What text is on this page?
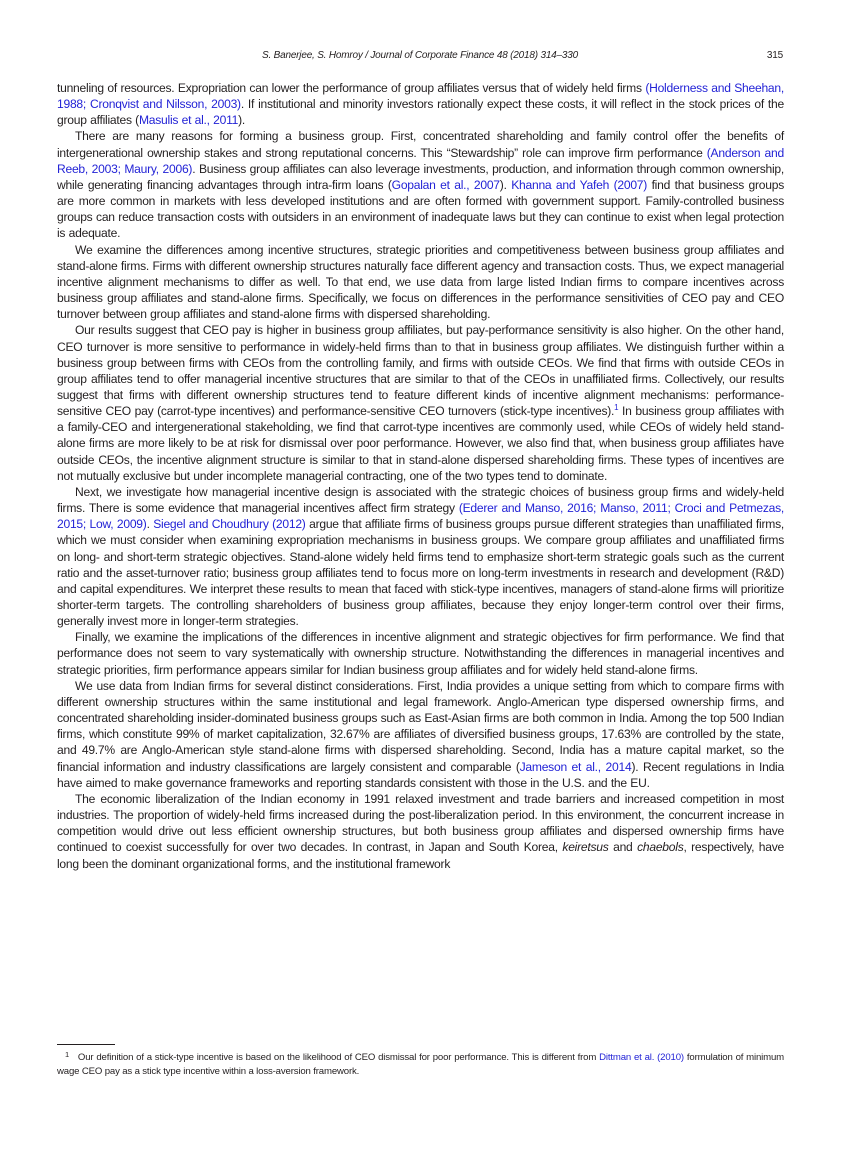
S. Banerjee, S. Homroy / Journal of Corporate Finance 48 (2018) 314–330	315

tunneling of resources. Expropriation can lower the performance of group affiliates versus that of widely held firms (Holderness and Sheehan, 1988; Cronqvist and Nilsson, 2003). If institutional and minority investors rationally expect these costs, it will reflect in the stock prices of the group affiliates (Masulis et al., 2011).

There are many reasons for forming a business group. First, concentrated shareholding and family control offer the benefits of intergenerational ownership stakes and strong reputational concerns. This “Stewardship” role can improve firm performance (Anderson and Reeb, 2003; Maury, 2006). Business group affiliates can also leverage investments, production, and information through common ownership, while generating financing advantages through intra-firm loans (Gopalan et al., 2007). Khanna and Yafeh (2007) find that business groups are more common in markets with less developed institutions and are often formed with government support. Family-controlled business groups can reduce transaction costs with outsiders in an environment of inadequate laws but they can continue to exist when legal protection is adequate.

We examine the differences among incentive structures, strategic priorities and competitiveness between business group affiliates and stand-alone firms. Firms with different ownership structures naturally face different agency and transaction costs. Thus, we expect managerial incentive alignment mechanisms to differ as well. To that end, we use data from large listed Indian firms to compare incentives across business group affiliates and stand-alone firms. Specifically, we focus on differences in the performance sensitivities of CEO pay and CEO turnover between group affiliates and stand-alone firms with dispersed shareholding.

Our results suggest that CEO pay is higher in business group affiliates, but pay-performance sensitivity is also higher. On the other hand, CEO turnover is more sensitive to performance in widely-held firms than to that in business group affiliates. We distinguish further within a business group between firms with CEOs from the controlling family, and firms with outside CEOs. We find that firms with outside CEOs in group affiliates tend to offer managerial incentive structures that are similar to that of the CEOs in unaffiliated firms. Collectively, our results suggest that firms with different ownership structures tend to feature different kinds of incentive alignment mechanisms: performance-sensitive CEO pay (carrot-type incentives) and performance-sensitive CEO turnovers (stick-type incentives).$^1$ In business group affiliates with a family-CEO and intergenerational stakeholding, we find that carrot-type incentives are commonly used, while CEOs of widely held stand-alone firms are more likely to be at risk for dismissal over poor performance. However, we also find that, when business group affiliates have outside CEOs, the incentive alignment structure is similar to that in stand-alone dispersed shareholding firms. These types of incentives are not mutually exclusive but under incomplete managerial contracting, one of the two types tend to dominate.

Next, we investigate how managerial incentive design is associated with the strategic choices of business group firms and widely-held firms. There is some evidence that managerial incentives affect firm strategy (Ederer and Manso, 2016; Manso, 2011; Croci and Petmezas, 2015; Low, 2009). Siegel and Choudhury (2012) argue that affiliate firms of business groups pursue different strategies than unaffiliated firms, which we must consider when examining expropriation mechanisms in business groups. We compare group affiliates and unaffiliated firms on long- and short-term strategic objectives. Stand-alone widely held firms tend to emphasize short-term strategic goals such as the current ratio and the asset-turnover ratio; business group affiliates tend to focus more on long-term investments in research and development (R&D) and capital expenditures. We interpret these results to mean that faced with stick-type incentives, managers of stand-alone firms will prioritize shorter-term targets. The controlling shareholders of business group affiliates, because they enjoy longer-term control over their firms, generally invest more in longer-term strategies.

Finally, we examine the implications of the differences in incentive alignment and strategic objectives for firm performance. We find that performance does not seem to vary systematically with ownership structure. Notwithstanding the differences in managerial incentives and strategic priorities, firm performance appears similar for Indian business group affiliates and for widely held stand-alone firms.

We use data from Indian firms for several distinct considerations. First, India provides a unique setting from which to compare firms with different ownership structures within the same institutional and legal framework. Anglo-American type dispersed ownership firms, and concentrated shareholding insider-dominated business groups such as East-Asian firms are both common in India. Among the top 500 Indian firms, which constitute 99% of market capitalization, 32.67% are affiliates of diversified business groups, 17.63% are controlled by the state, and 49.7% are Anglo-American style stand-alone firms with dispersed shareholding. Second, India has a mature capital market, so the financial information and industry classifications are largely consistent and comparable (Jameson et al., 2014). Recent regulations in India have aimed to make governance frameworks and reporting standards consistent with those in the U.S. and the EU.

The economic liberalization of the Indian economy in 1991 relaxed investment and trade barriers and increased competition in most industries. The proportion of widely-held firms increased during the post-liberalization period. In this environment, the concurrent increase in competition would drive out less efficient ownership structures, but both business group affiliates and dispersed ownership firms have continued to coexist successfully for over two decades. In contrast, in Japan and South Korea, keiretsus and chaebols, respectively, have long been the dominant organizational forms, and the institutional framework

$^1$ Our definition of a stick-type incentive is based on the likelihood of CEO dismissal for poor performance. This is different from Dittman et al. (2010) formulation of minimum wage CEO pay as a stick type incentive within a loss-aversion framework.
